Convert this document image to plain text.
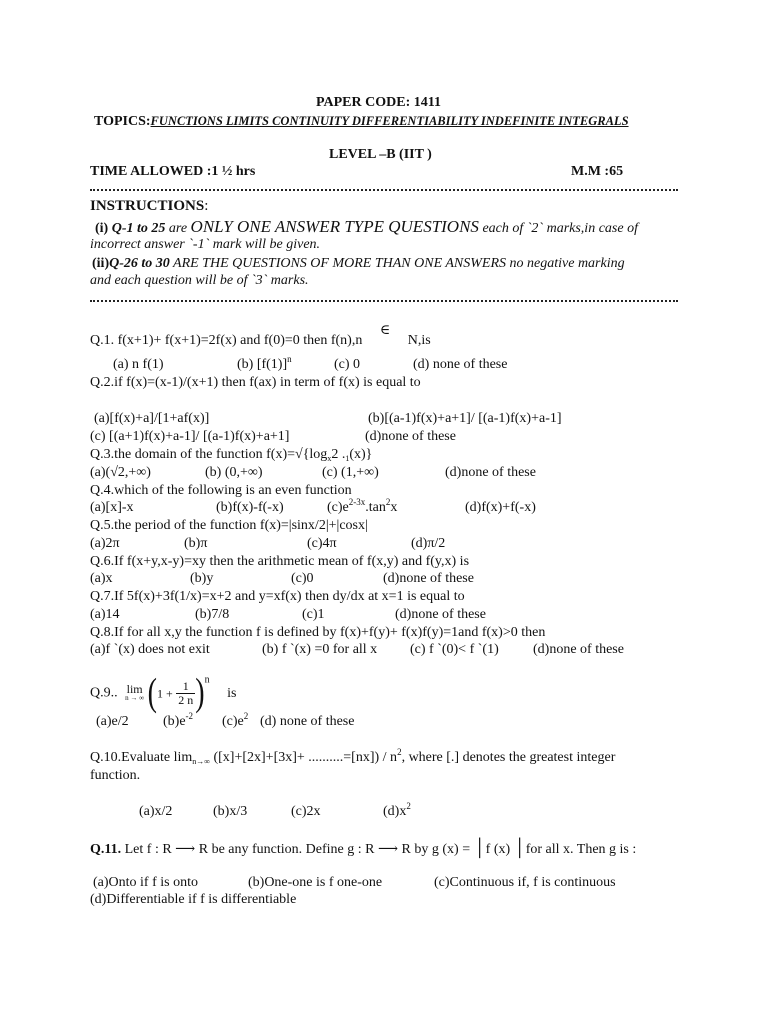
PAPER CODE: 1411
TOPICS:FUNCTIONS LIMITS CONTINUITY DIFFERENTIABILITY INDEFINITE INTEGRALS
LEVEL –B (IIT )
TIME ALLOWED :1 ½ hrs	M.M :65
INSTRUCTIONS:
(i) Q-1 to 25 are ONLY ONE ANSWER TYPE QUESTIONS each of `2` marks,in case of
incorrect answer `-1` mark will be given.
(ii)Q-26 to 30 ARE THE QUESTIONS OF MORE THAN ONE ANSWERS no negative marking
and each question will be of `3` marks.
Q.1. f(x+1)+ f(x+1)=2f(x) and f(0)=0 then f(n),n ∈ N,is
(a) n f(1)	(b) $[f(1)]^n$	(c) 0	(d) none of these
Q.2.if f(x)=(x-1)/(x+1) then f(ax) in term of f(x) is equal to
(a)[f(x)+a]/[1+af(x)]	(b)[(a-1)f(x)+a+1]/ [(a-1)f(x)+a-1]
(c) [(a+1)f(x)+a-1]/ [(a-1)f(x)+a+1]	(d)none of these
Q.3.the domain of the function $f(x)=√\{\log_x2$ $._1(x)$}
(a)(√2,+∞)	(b) (0,+∞)	(c) (1,+∞)	(d)none of these
Q.4.which of the following is an even function
(a)[x]-x	(b)f(x)-f(-x)	$(c)e^{2-3x}.\tan^2x$	(d)f(x)+f(-x)
Q.5.the period of the function f(x)=|sinx/2|+|cosx|
(a)2π	(b)π	(c)4π	(d)π/2
Q.6.If f(x+y,x-y)=xy then the arithmetic mean of f(x,y) and f(y,x) is
(a)x	(b)y	(c)0	(d)none of these
Q.7.If 5f(x)+3f(1/x)=x+2 and y=xf(x) then dy/dx at x=1 is equal to
(a)14	(b)7/8	(c)1	(d)none of these
Q.8.If for all x,y the function f is defined by f(x)+f(y)+ f(x)f(y)=1and f(x)>0 then
(a)f `(x) does not exit	(b) f `(x) =0 for all x (c) f `(0)< f `(1) (d)none of these
Q.9.. lim
n → ∞ $(1 + \frac{1}{2 n} )^n$ is
(a)e/2 $(b)e^{-2}$ $(c)e^2$ (d) none of these
Q.10.Evaluate $\lim_{n\to\infty} ([x]+[2x]+[3x]+ ..........=[nx]) / n^2$, where [.] denotes the greatest integer
function.
(a)x/2	(b)x/3	(c)2x	$(d)x^2$
Q.11. Let f : R ⟶ R be any function. Define g : R ⟶ R by g (x) = │f (x) │for all x. Then g is :
(a)Onto if f is onto	(b)One-one is f one-one	(c)Continuous if, f is continuous
(d)Differentiable if f is differentiable
